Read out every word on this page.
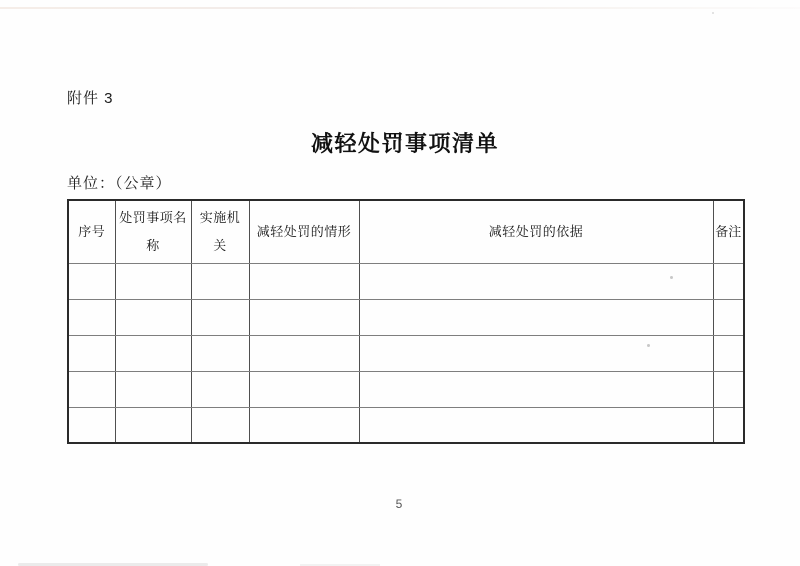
附件 3
减轻处罚事项清单
单位：（公章）
序号	处罚事项名称	实施机关	减轻处罚的情形	减轻处罚的依据	备注

5
